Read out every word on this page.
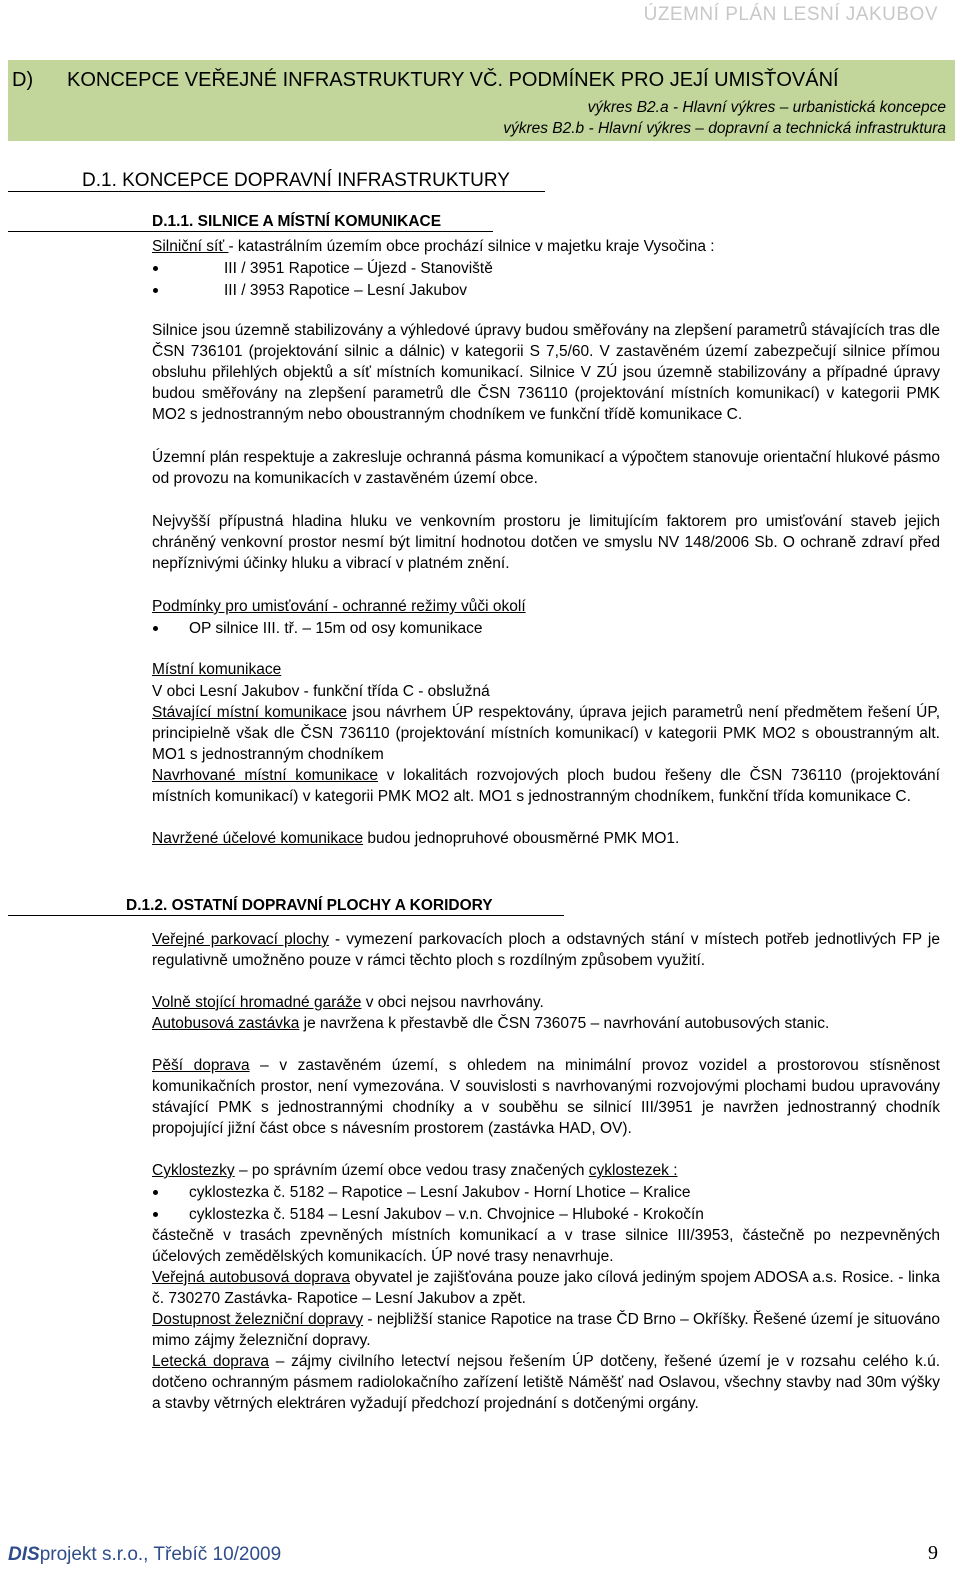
ÚZEMNÍ PLÁN LESNÍ JAKUBOV
D) KONCEPCE VEŘEJNÉ INFRASTRUKTURY VČ. PODMÍNEK PRO JEJÍ UMISŤOVÁNÍ
výkres B2.a - Hlavní výkres – urbanistická koncepce
výkres B2.b - Hlavní výkres – dopravní a technická infrastruktura
D.1. KONCEPCE DOPRAVNÍ INFRASTRUKTURY
D.1.1. SILNICE A MÍSTNÍ KOMUNIKACE
Silniční síť - katastrálním územím obce prochází silnice v majetku kraje Vysočina :
III / 3951 Rapotice – Újezd - Stanoviště
III / 3953 Rapotice – Lesní Jakubov
Silnice jsou územně stabilizovány a výhledové úpravy budou směřovány na zlepšení parametrů stávajících tras dle ČSN 736101 (projektování silnic a dálnic) v kategorii S 7,5/60. V zastavěném území zabezpečují silnice přímou obsluhu přilehlých objektů a síť místních komunikací. Silnice V ZÚ jsou územně stabilizovány a případné úpravy budou směřovány na zlepšení parametrů dle ČSN 736110 (projektování místních komunikací) v kategorii PMK MO2 s jednostranným nebo oboustranným chodníkem ve funkční třídě komunikace C.
Územní plán respektuje a zakresluje ochranná pásma komunikací a výpočtem stanovuje orientační hlukové pásmo od provozu na komunikacích v zastavěném území obce.
Nejvyšší přípustná hladina hluku ve venkovním prostoru je limitujícím faktorem pro umisťování staveb jejich chráněný venkovní prostor nesmí být limitní hodnotou dotčen ve smyslu NV 148/2006 Sb. O ochraně zdraví před nepříznivými účinky hluku a vibrací v platném znění.
Podmínky pro umisťování - ochranné režimy vůči okolí
OP silnice III. tř. – 15m od osy komunikace
Místní komunikace
V obci Lesní Jakubov - funkční třída C - obslužná
Stávající místní komunikace jsou návrhem ÚP respektovány, úprava jejich parametrů není předmětem řešení ÚP, principielně však dle ČSN 736110 (projektování místních komunikací) v kategorii PMK MO2 s oboustranným alt. MO1 s jednostranným chodníkem
Navrhované místní komunikace v lokalitách rozvojových ploch budou řešeny dle ČSN 736110 (projektování místních komunikací) v kategorii PMK MO2 alt. MO1 s jednostranným chodníkem, funkční třída komunikace C.
Navržené účelové komunikace budou jednopruhové obousměrné PMK MO1.
D.1.2. OSTATNÍ DOPRAVNÍ PLOCHY A KORIDORY
Veřejné parkovací plochy - vymezení parkovacích ploch a odstavných stání v místech potřeb jednotlivých FP je regulativně umožněno pouze v rámci těchto ploch s rozdílným způsobem využití.
Volně stojící hromadné garáže v obci nejsou navrhovány.
Autobusová zastávka je navržena k přestavbě dle ČSN 736075 – navrhování autobusových stanic.
Pěší doprava – v zastavěném území, s ohledem na minimální provoz vozidel a prostorovou stísněnost komunikačních prostor, není vymezována. V souvislosti s navrhovanými rozvojovými plochami budou upravovány stávající PMK s jednostrannými chodníky a v souběhu se silnicí III/3951 je navržen jednostranný chodník propojující jižní část obce s návesním prostorem (zastávka HAD, OV).
Cyklostezky – po správním území obce vedou trasy značených cyklostezek :
cyklostezka č. 5182 – Rapotice – Lesní Jakubov - Horní Lhotice – Kralice
cyklostezka č. 5184 – Lesní Jakubov – v.n. Chvojnice – Hluboké - Krokočín
částečně v trasách zpevněných místních komunikací a v trase silnice III/3953, částečně po nezpevněných účelových zemědělských komunikacích. ÚP nové trasy nenavrhuje.
Veřejná autobusová doprava obyvatel je zajišťována pouze jako cílová jediným spojem ADOSA a.s. Rosice. - linka č. 730270 Zastávka- Rapotice – Lesní Jakubov a zpět.
Dostupnost železniční dopravy - nejbližší stanice Rapotice na trase ČD Brno – Okříšky. Řešené území je situováno mimo zájmy železniční dopravy.
Letecká doprava – zájmy civilního letectví nejsou řešením ÚP dotčeny, řešené území je v rozsahu celého k.ú. dotčeno ochranným pásmem radiolokačního zařízení letiště Náměšť nad Oslavou, všechny stavby nad 30m výšky a stavby větrných elektráren vyžadují předchozí projednání s dotčenými orgány.
DISprojekt s.r.o., Třebíč 10/2009	9
